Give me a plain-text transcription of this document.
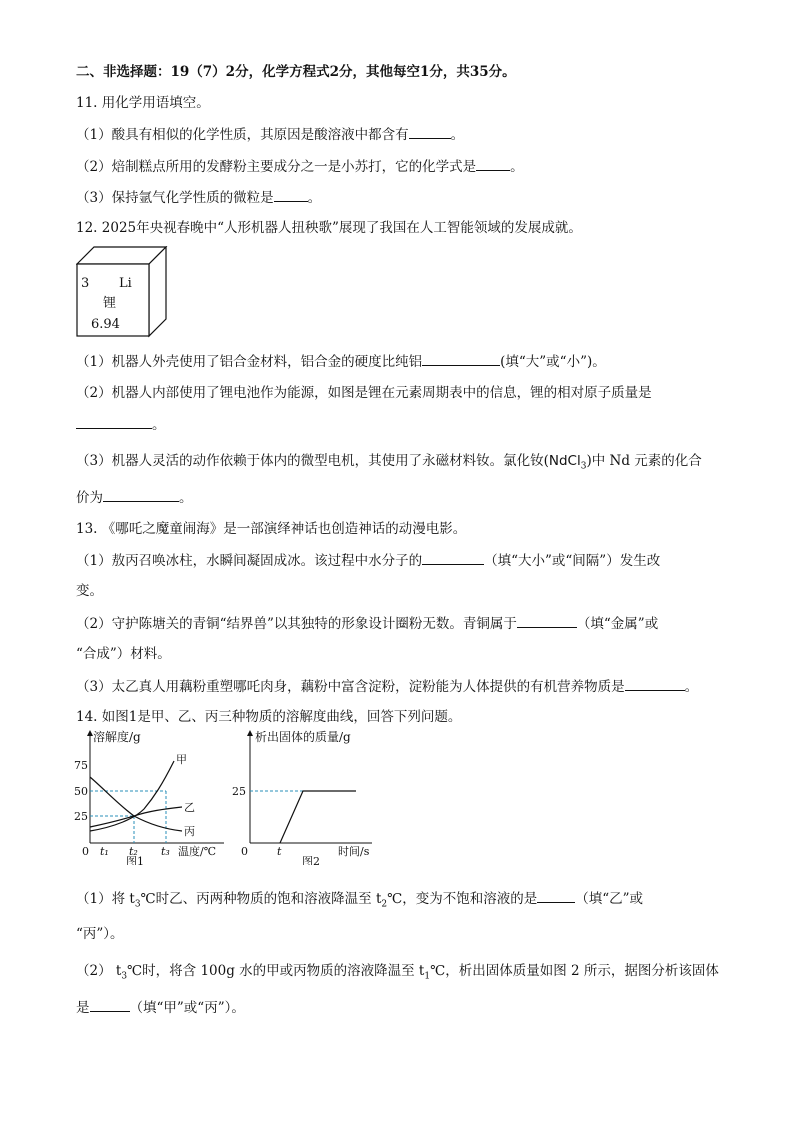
二、非选择题：19（7）2分，化学方程式2分，其他每空1分，共35分。
11. 用化学用语填空。
（1）酸具有相似的化学性质，其原因是酸溶液中都含有	。
（2）焙制糕点所用的发酵粉主要成分之一是小苏打，它的化学式是	。
（3）保持氩气化学性质的微粒是	。
12. 2025年央视春晚中“人形机器人扭秧歌”展现了我国在人工智能领域的发展成就。
3 Li
锂
6.94
（1）机器人外壳使用了铝合金材料，铝合金的硬度比纯铝	(填“大”或“小”)。
（2）机器人内部使用了锂电池作为能源，如图是锂在元素周期表中的信息，锂的相对原子质量是
。
（3）机器人灵活的动作依赖于体内的微型电机，其使用了永磁材料钕。氯化钕(NdCl$_3$)中 Nd 元素的化合
价为	。
13. 《哪吒之魔童闹海》是一部演绎神话也创造神话的动漫电影。
（1）敖丙召唤冰柱，水瞬间凝固成冰。该过程中水分子的	（填“大小”或“间隔”）发生改
变。
（2）守护陈塘关的青铜“结界兽”以其独特的形象设计圈粉无数。青铜属于	（填“金属”或
“合成”）材料。
（3）太乙真人用藕粉重塑哪吒肉身，藕粉中富含淀粉，淀粉能为人体提供的有机营养物质是	。
14. 如图1是甲、乙、丙三种物质的溶解度曲线，回答下列问题。
溶解度/g
75
50
25
0 t₁ t₂ t₃ 温度/℃
图1
甲
乙
丙
析出固体的质量/g
25
0	t	时间/s
图2
（1）将 $t_3℃$时乙、丙两种物质的饱和溶液降温至 $t_2℃$，变为不饱和溶液的是	（填“乙”或
“丙”）。
（2） $t_3℃$时，将含 100g 水的甲或丙物质的溶液降温至 $t_1℃$，析出固体质量如图 2 所示，据图分析该固体
是	（填“甲”或“丙”）。
